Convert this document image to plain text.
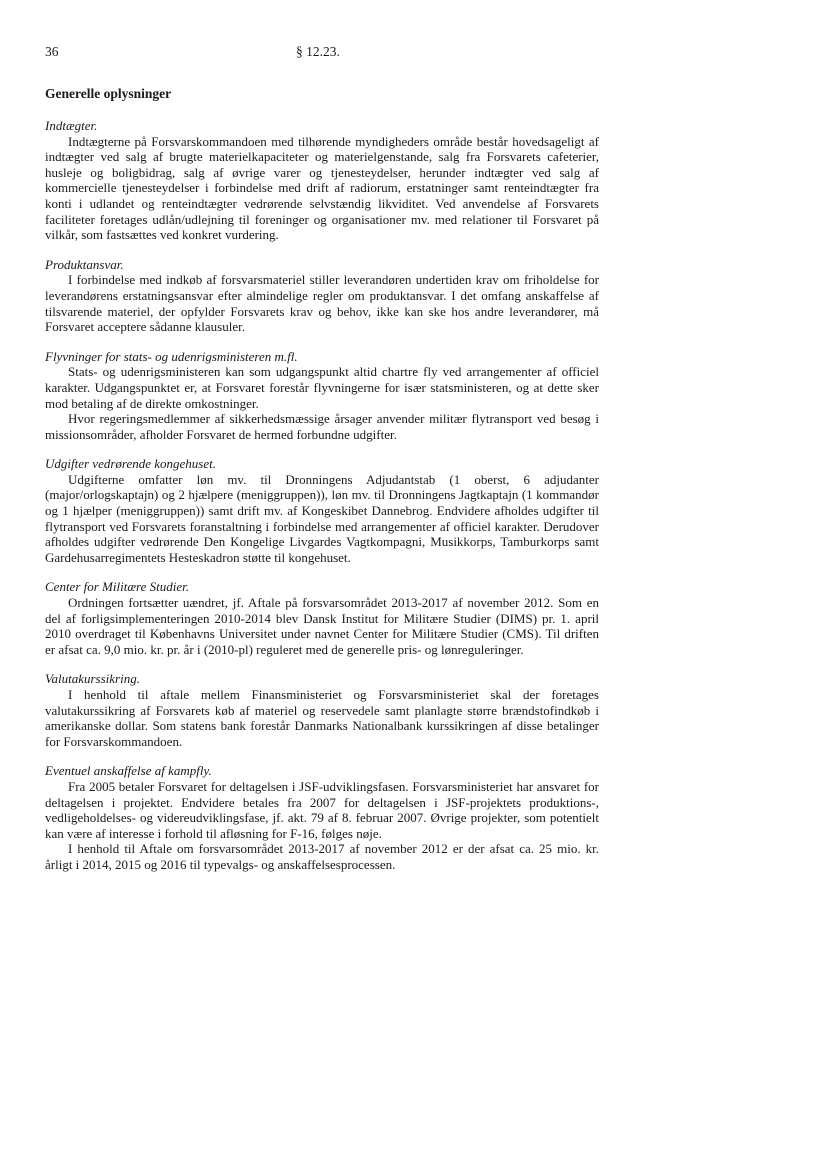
36	§ 12.23.
Generelle oplysninger

Indtægter.

Indtægterne på Forsvarskommandoen med tilhørende myndigheders område består hovedsageligt af indtægter ved salg af brugte materielkapaciteter og materielgenstande, salg fra Forsvarets cafeterier, husleje og boligbidrag, salg af øvrige varer og tjenesteydelser, herunder indtægter ved salg af kommercielle tjenesteydelser i forbindelse med drift af radiorum, erstatninger samt renteindtægter fra konti i udlandet og renteindtægter vedrørende selvstændig likviditet. Ved anvendelse af Forsvarets faciliteter foretages udlån/udlejning til foreninger og organisationer mv. med relationer til Forsvaret på vilkår, som fastsættes ved konkret vurdering.

Produktansvar.

I forbindelse med indkøb af forsvarsmateriel stiller leverandøren undertiden krav om friholdelse for leverandørens erstatningsansvar efter almindelige regler om produktansvar. I det omfang anskaffelse af tilsvarende materiel, der opfylder Forsvarets krav og behov, ikke kan ske hos andre leverandører, må Forsvaret acceptere sådanne klausuler.

Flyvninger for stats- og udenrigsministeren m.fl.

Stats- og udenrigsministeren kan som udgangspunkt altid chartre fly ved arrangementer af officiel karakter. Udgangspunktet er, at Forsvaret forestår flyvningerne for især statsministeren, og at dette sker mod betaling af de direkte omkostninger.

Hvor regeringsmedlemmer af sikkerhedsmæssige årsager anvender militær flytransport ved besøg i missionsområder, afholder Forsvaret de hermed forbundne udgifter.

Udgifter vedrørende kongehuset.

Udgifterne omfatter løn mv. til Dronningens Adjudantstab (1 oberst, 6 adjudanter (major/orlogskaptajn) og 2 hjælpere (meniggruppen)), løn mv. til Dronningens Jagtkaptajn (1 kommandør og 1 hjælper (meniggruppen)) samt drift mv. af Kongeskibet Dannebrog. Endvidere afholdes udgifter til flytransport ved Forsvarets foranstaltning i forbindelse med arrangementer af officiel karakter. Derudover afholdes udgifter vedrørende Den Kongelige Livgardes Vagtkompagni, Musikkorps, Tamburkorps samt Gardehusarregimentets Hesteskadron støtte til kongehuset.

Center for Militære Studier.

Ordningen fortsætter uændret, jf. Aftale på forsvarsområdet 2013-2017 af november 2012. Som en del af forligsimplementeringen 2010-2014 blev Dansk Institut for Militære Studier (DIMS) pr. 1. april 2010 overdraget til Københavns Universitet under navnet Center for Militære Studier (CMS). Til driften er afsat ca. 9,0 mio. kr. pr. år i (2010-pl) reguleret med de generelle pris- og lønreguleringer.

Valutakurssikring.

I henhold til aftale mellem Finansministeriet og Forsvarsministeriet skal der foretages valutakurssikring af Forsvarets køb af materiel og reservedele samt planlagte større brændstofindkøb i amerikanske dollar. Som statens bank forestår Danmarks Nationalbank kurssikringen af disse betalinger for Forsvarskommandoen.

Eventuel anskaffelse af kampfly.

Fra 2005 betaler Forsvaret for deltagelsen i JSF-udviklingsfasen. Forsvarsministeriet har ansvaret for deltagelsen i projektet. Endvidere betales fra 2007 for deltagelsen i JSF-projektets produktions-, vedligeholdelses- og videreudviklingsfase, jf. akt. 79 af 8. februar 2007. Øvrige projekter, som potentielt kan være af interesse i forhold til afløsning for F-16, følges nøje.

I henhold til Aftale om forsvarsområdet 2013-2017 af november 2012 er der afsat ca. 25 mio. kr. årligt i 2014, 2015 og 2016 til typevalgs- og anskaffelsesprocessen.
